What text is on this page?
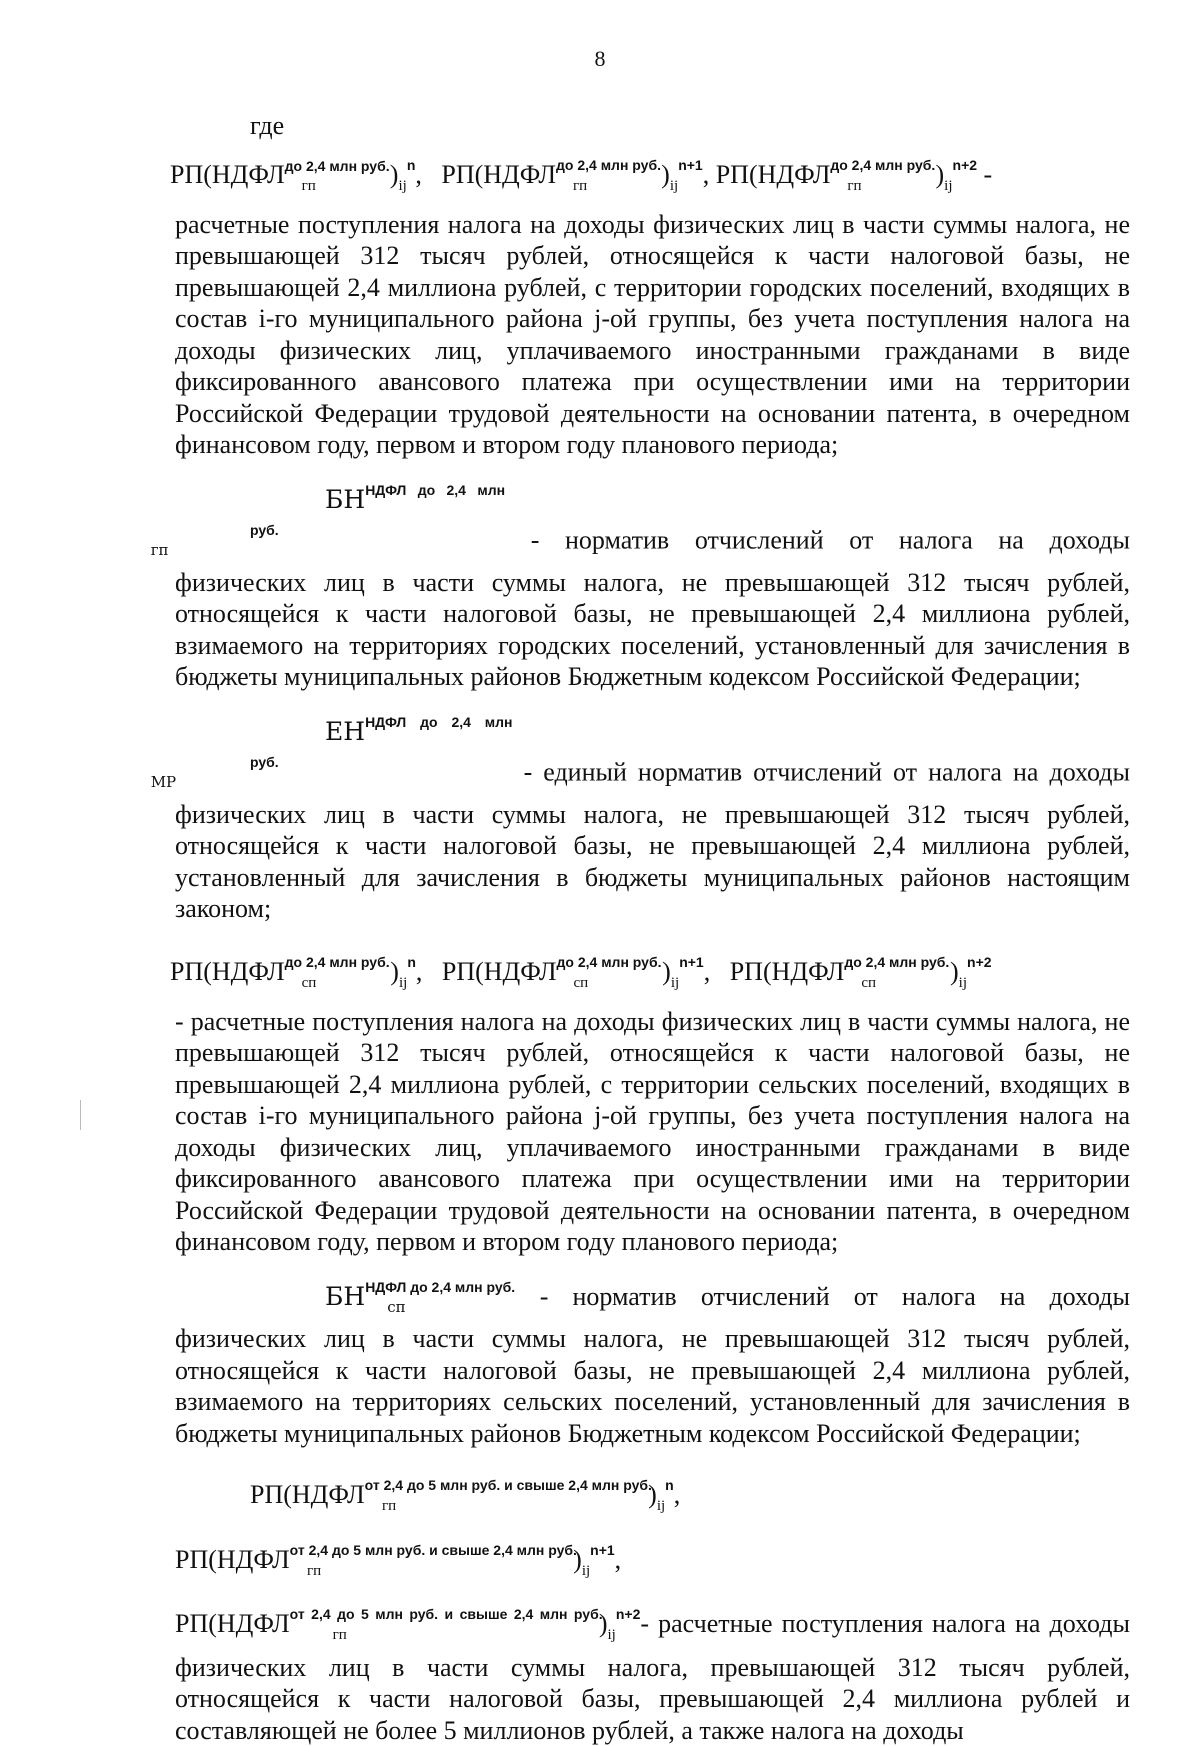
8

где

$РП(НДФЛ^{до 2,4 млн руб.}_{гп}$	)$_{ij}^n$,   $РП(НДФЛ^{до 2,4 млн руб.}_{гп}$	)$_{ij}^{n+1}$, $РП(НДФЛ^{до 2,4 млн руб.}_{гп}$	)$_{ij}^{n+2}$ -

расчетные поступления налога на доходы физических лиц в части суммы налога, не превышающей 312 тысяч рублей, относящейся к части налоговой базы, не превышающей 2,4 миллиона рублей, с территории городских поселений, входящих в состав i-го муниципального района j-ой группы, без учета поступления налога на доходы физических лиц, уплачиваемого иностранными гражданами в виде фиксированного авансового платежа при осуществлении ими на территории Российской Федерации трудовой деятельности на основании патента, в очередном финансовом году, первом и втором году планового периода;

$БН^{НДФЛ до 2,4 млн руб.}_{гп}$	- норматив отчислений от налога на доходы физических лиц в части суммы налога, не превышающей 312 тысяч рублей, относящейся к части налоговой базы, не превышающей 2,4 миллиона рублей, взимаемого на территориях городских поселений, установленный для зачисления в бюджеты муниципальных районов Бюджетным кодексом Российской Федерации;

$ЕН^{НДФЛ до 2,4 млн руб.}_{МР}$	- единый норматив отчислений от налога на доходы физических лиц в части суммы налога, не превышающей 312 тысяч рублей, относящейся к части налоговой базы, не превышающей 2,4 миллиона рублей, установленный для зачисления в бюджеты муниципальных районов настоящим законом;

$РП(НДФЛ^{до 2,4 млн руб.}_{сп}$	)$_{ij}^n$,   $РП(НДФЛ^{до 2,4 млн руб.}_{сп}$	)$_{ij}^{n+1}$,   $РП(НДФЛ^{до 2,4 млн руб.}_{сп}$	)$_{ij}^{n+2}$

- расчетные поступления налога на доходы физических лиц в части суммы налога, не превышающей 312 тысяч рублей, относящейся к части налоговой базы, не превышающей 2,4 миллиона рублей, с территории сельских поселений, входящих в состав i-го муниципального района j-ой группы, без учета поступления налога на доходы физических лиц, уплачиваемого иностранными гражданами в виде фиксированного авансового платежа при осуществлении ими на территории Российской Федерации трудовой деятельности на основании патента, в очередном финансовом году, первом и втором году планового периода;

$БН^{НДФЛ до 2,4 млн руб.}_{сп}$	- норматив отчислений от налога на доходы физических лиц в части суммы налога, не превышающей 312 тысяч рублей, относящейся к части налоговой базы, не превышающей 2,4 миллиона рублей, взимаемого на территориях сельских поселений, установленный для зачисления в бюджеты муниципальных районов Бюджетным кодексом Российской Федерации;

$РП(НДФЛ^{от 2,4 до 5 млн руб. и свыше 2,4 млн руб.}_{гп}$	)$_{ij}^n$,
$РП(НДФЛ^{от 2,4 до 5 млн руб. и свыше 2,4 млн руб.}_{гп}$	)$_{ij}^{n+1}$,

$РП(НДФЛ^{от 2,4 до 5 млн руб. и свыше 2,4 млн руб.}_{гп}$	)$_{ij}^{n+2}-$ расчетные поступления налога на доходы физических лиц в части суммы налога, превышающей 312 тысяч рублей, относящейся к части налоговой базы, превышающей 2,4 миллиона рублей и составляющей не более 5 миллионов рублей, а также налога на доходы
